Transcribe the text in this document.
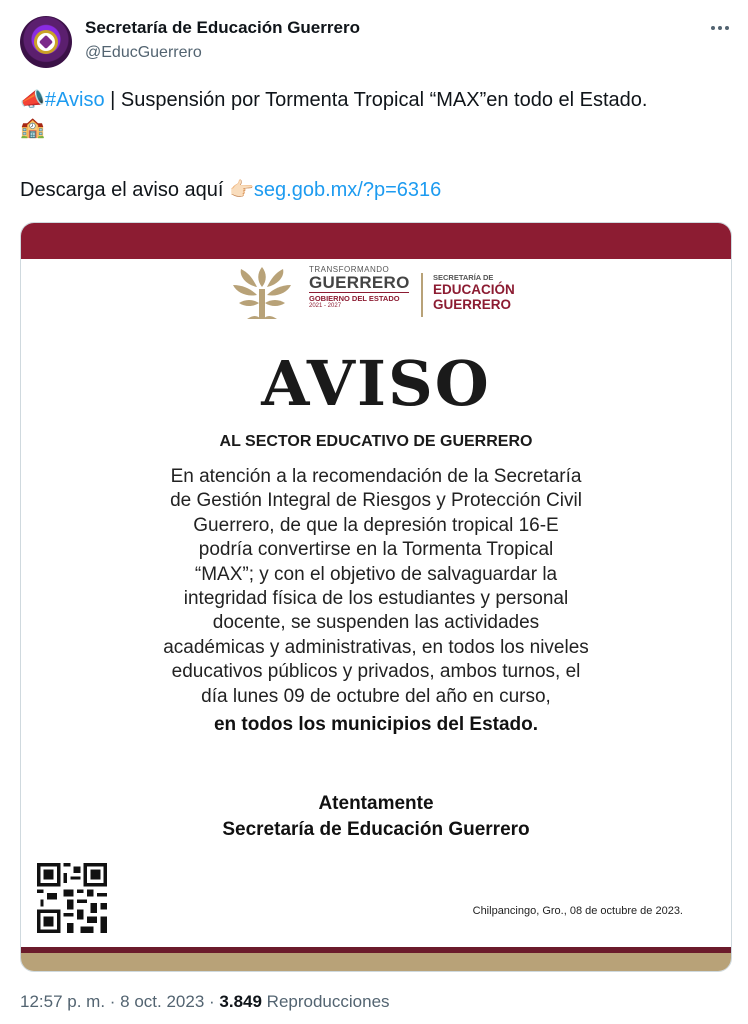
Secretaría de Educación Guerrero
@EducGuerrero
📣#Aviso | Suspensión por Tormenta Tropical “MAX”en todo el Estado.
🏫
Descarga el aviso aquí 👉🏻seg.gob.mx/?p=6316
TRANSFORMANDO
GUERRERO
GOBIERNO DEL ESTADO
2021 - 2027
SECRETARÍA DE
EDUCACIÓN
GUERRERO
AVISO
AL SECTOR EDUCATIVO DE GUERRERO
En atención a la recomendación de la Secretaría
de Gestión Integral de Riesgos y Protección Civil
Guerrero, de que la depresión tropical 16-E
podría convertirse en la Tormenta Tropical
“MAX”; y con el objetivo de salvaguardar la
integridad física de los estudiantes y personal
docente, se suspenden las actividades
académicas y administrativas, en todos los niveles
educativos públicos y privados, ambos turnos, el
día lunes 09 de octubre del año en curso,
en todos los municipios del Estado.
Atentamente
Secretaría de Educación Guerrero
Chilpancingo, Gro., 08 de octubre de 2023.
12:57 p. m. · 8 oct. 2023 · 3.849 Reproducciones
